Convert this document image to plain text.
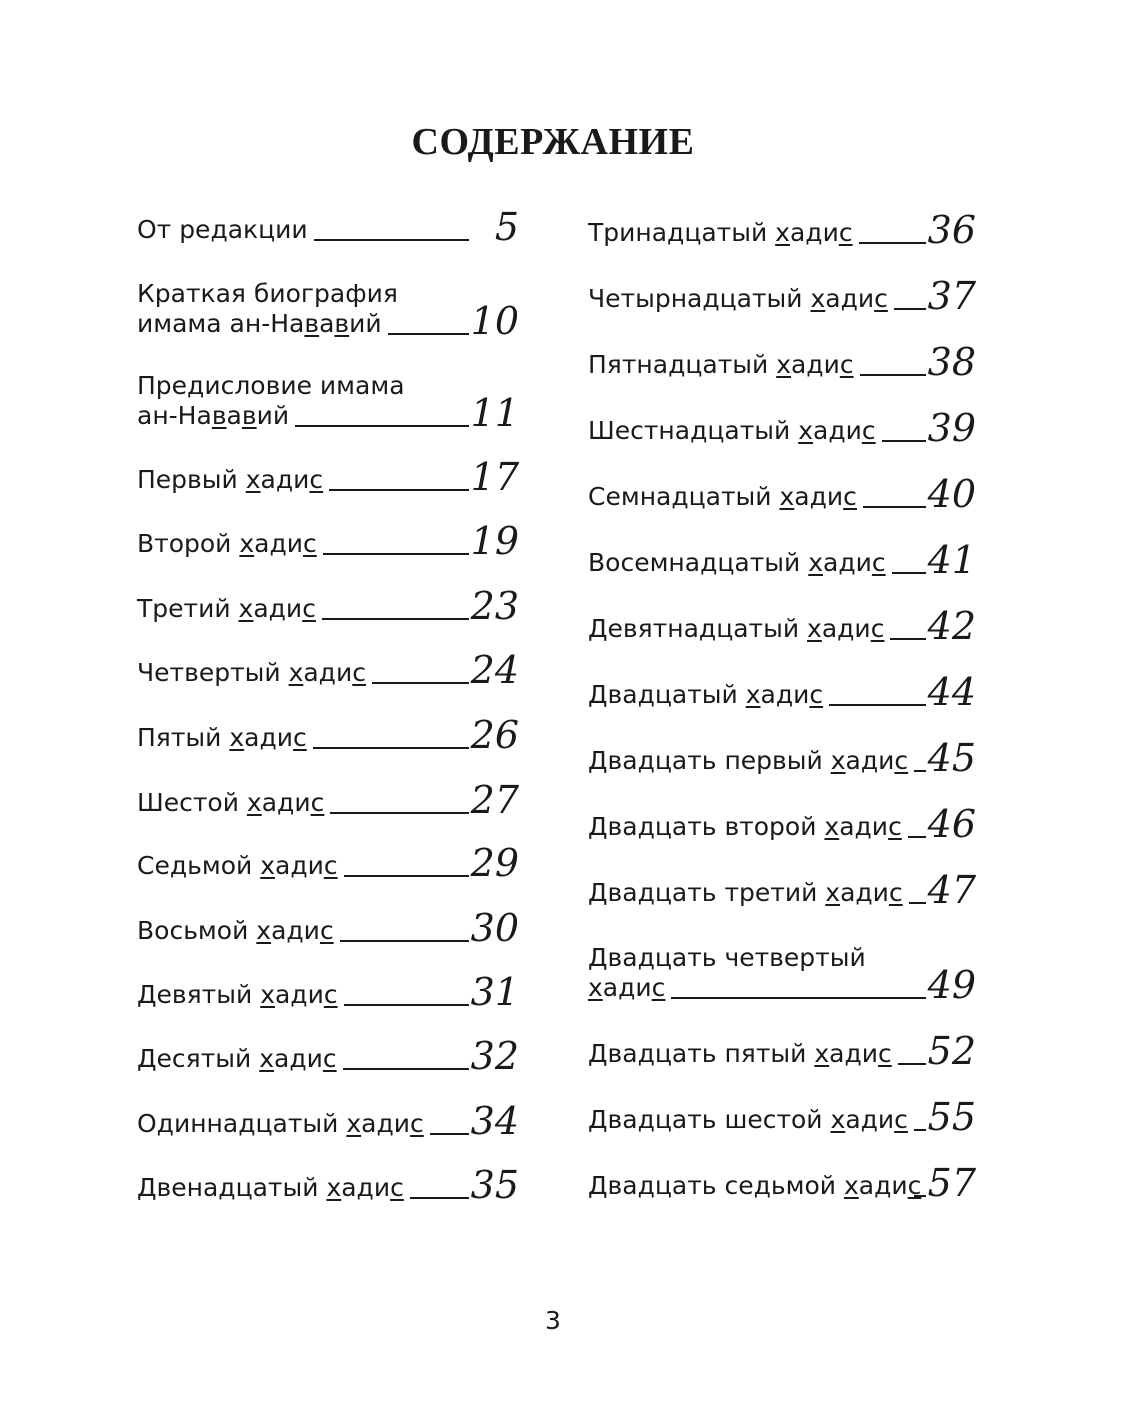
СОДЕРЖАНИЕ
От редакции	5
Краткая биография
имама ан-Нававий 10
Предисловие имама
ан-Нававий	11
Первый хадис	17
Второй хадис	19
Третий хадис	23
Четвертый хадис	24
Пятый хадис	26
Шестой хадис	27
Седьмой хадис	29
Восьмой хадис	30
Девятый хадис	31
Десятый хадис	32
Одиннадцатый хадис 34
Двенадцатый хадис 35
Тринадцатый хадис 36
Четырнадцатый хадис 37
Пятнадцатый хадис 38
Шестнадцатый хадис 39
Семнадцатый хадис 40
Восемнадцатый хадис 41
Девятнадцатый хадис 42
Двадцатый хадис	44
Двадцать первый хадис 45
Двадцать второй хадис 46
Двадцать третий хадис 47
Двадцать четвертый
хадис	49
Двадцать пятый хадис 52
Двадцать шестой хадис 55
Двадцать седьмой хадис 57
3
